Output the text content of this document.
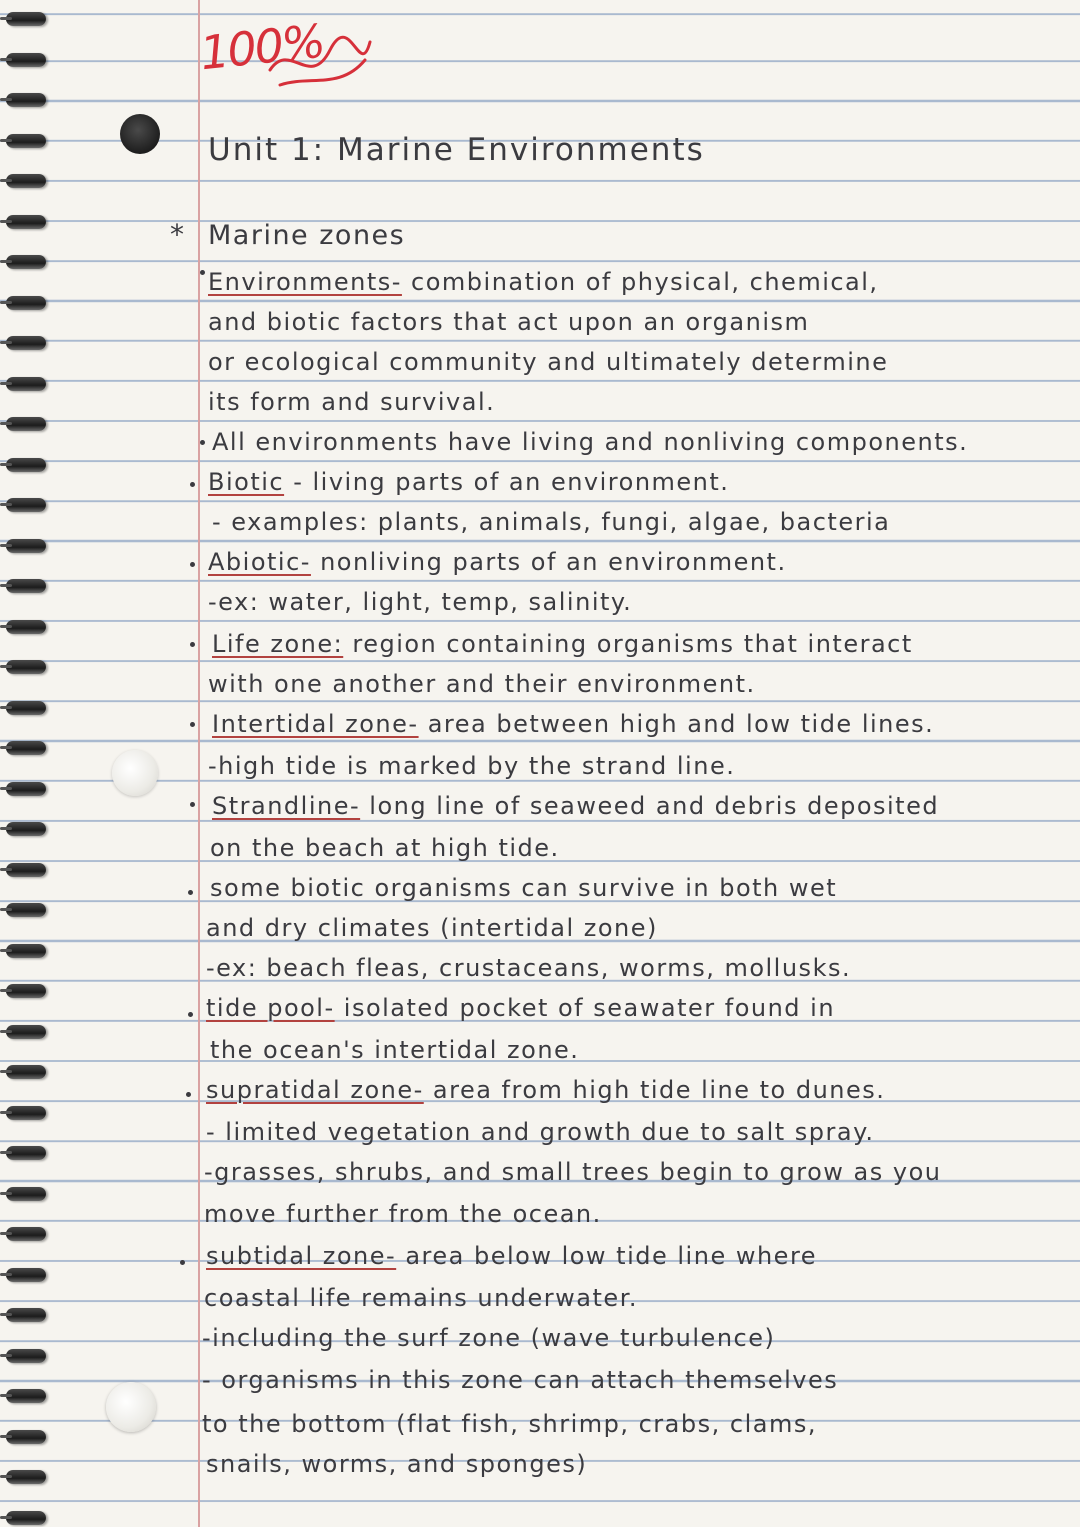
100%
Unit 1: Marine Environments
* Marine zones
Environments- combination of physical, chemical,
and biotic factors that act upon an organism
or ecological community and ultimately determine
its form and survival.
All environments have living and nonliving components.
Biotic - living parts of an environment.
- examples: plants, animals, fungi, algae, bacteria
Abiotic- nonliving parts of an environment.
-ex: water, light, temp, salinity.
Life zone: region containing organisms that interact
with one another and their environment.
Intertidal zone- area between high and low tide lines.
-high tide is marked by the strand line.
Strandline- long line of seaweed and debris deposited
on the beach at high tide.
some biotic organisms can survive in both wet
and dry climates (intertidal zone)
-ex: beach fleas, crustaceans, worms, mollusks.
tide pool- isolated pocket of seawater found in
the ocean's intertidal zone.
supratidal zone- area from high tide line to dunes.
- limited vegetation and growth due to salt spray.
-grasses, shrubs, and small trees begin to grow as you
move further from the ocean.
subtidal zone- area below low tide line where
coastal life remains underwater.
-including the surf zone (wave turbulence)
- organisms in this zone can attach themselves
to the bottom (flat fish, shrimp, crabs, clams,
snails, worms, and sponges)
